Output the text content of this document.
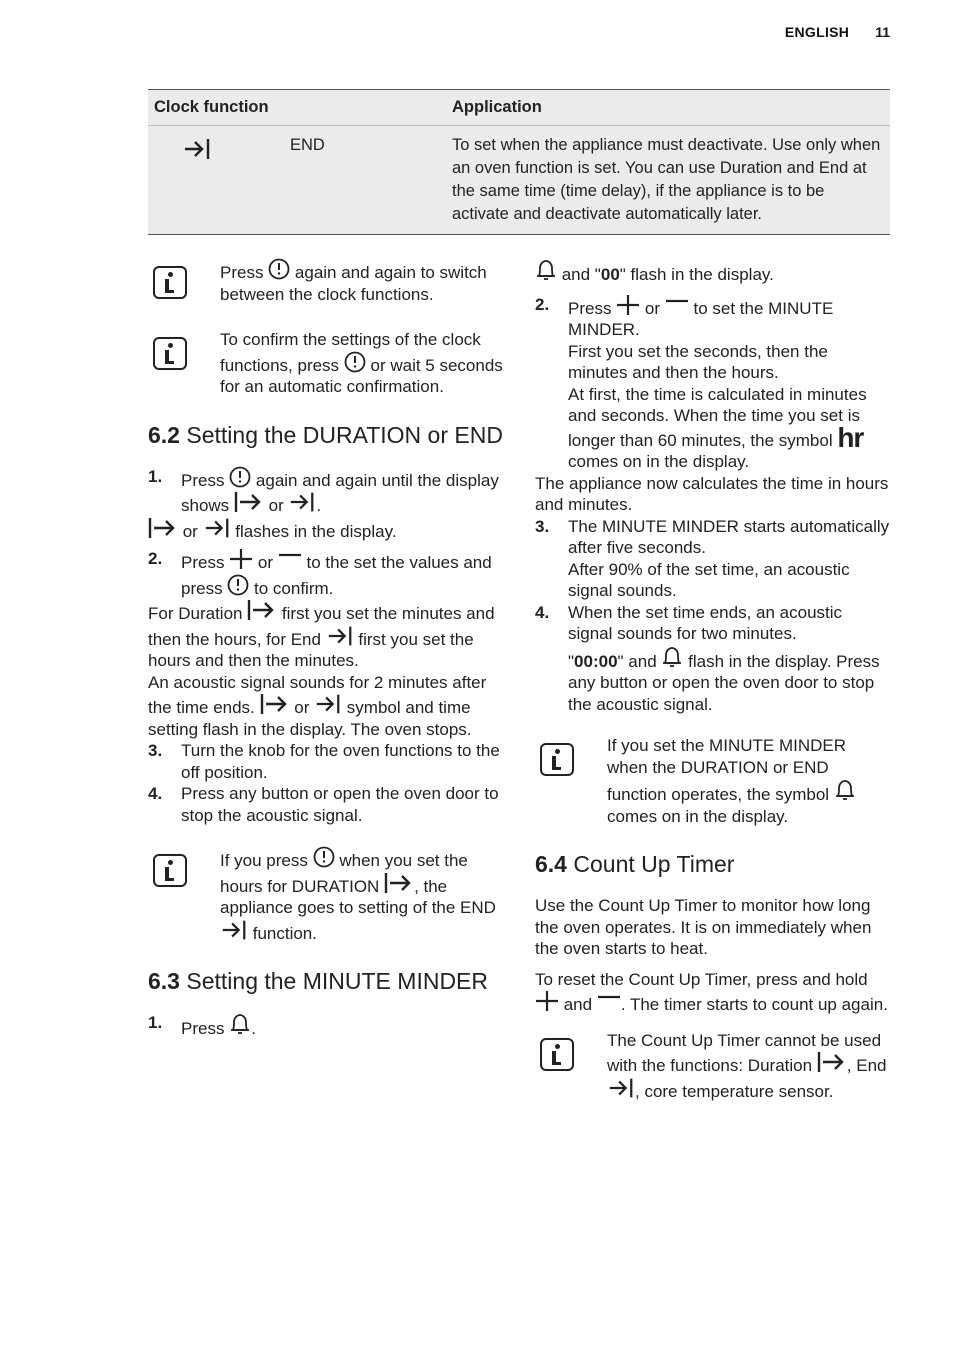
ENGLISH 11
Clock function		Application
	END	To set when the appliance must deactivate. Use only when an oven function is set. You can use Duration and End at the same time (time delay), if the appliance is to be activate and deactivate automatically later.
Press  again and again to switch between the clock functions.
To confirm the settings of the clock functions, press  or wait 5 seconds for an automatic confirmation.
6.2 Setting the DURATION or END
1.	Press  again and again until the display shows  or .

or  flashes in the display.

2.	Press  or  to the set the values and press  to confirm.

For Duration  first you set the minutes and then the hours, for End  first you set the hours and then the minutes.

An acoustic signal sounds for 2 minutes after the time ends.  or  symbol and time setting flash in the display. The oven stops.

3.	Turn the knob for the oven functions to the off position.
4.	Press any button or open the oven door to stop the acoustic signal.
If you press  when you set the hours for DURATION , the appliance goes to setting of the END  function.
6.3 Setting the MINUTE MINDER
1.	Press .

and "00" flash in the display.

2.	Press  or  to set the MINUTE MINDER.
First you set the seconds, then the minutes and then the hours.
At first, the time is calculated in minutes and seconds. When the time you set is longer than 60 minutes, the symbol hr comes on in the display.

The appliance now calculates the time in hours and minutes.

3.	The MINUTE MINDER starts automatically after five seconds.
After 90% of the set time, an acoustic signal sounds.
4.	When the set time ends, an acoustic signal sounds for two minutes.
"00:00" and  flash in the display. Press any button or open the oven door to stop the acoustic signal.
If you set the MINUTE MINDER when the DURATION or END function operates, the symbol  comes on in the display.
6.4 Count Up Timer

Use the Count Up Timer to monitor how long the oven operates. It is on immediately when the oven starts to heat.

To reset the Count Up Timer, press and hold  and . The timer starts to count up again.

The Count Up Timer cannot be used with the functions: Duration , End , core temperature sensor.
